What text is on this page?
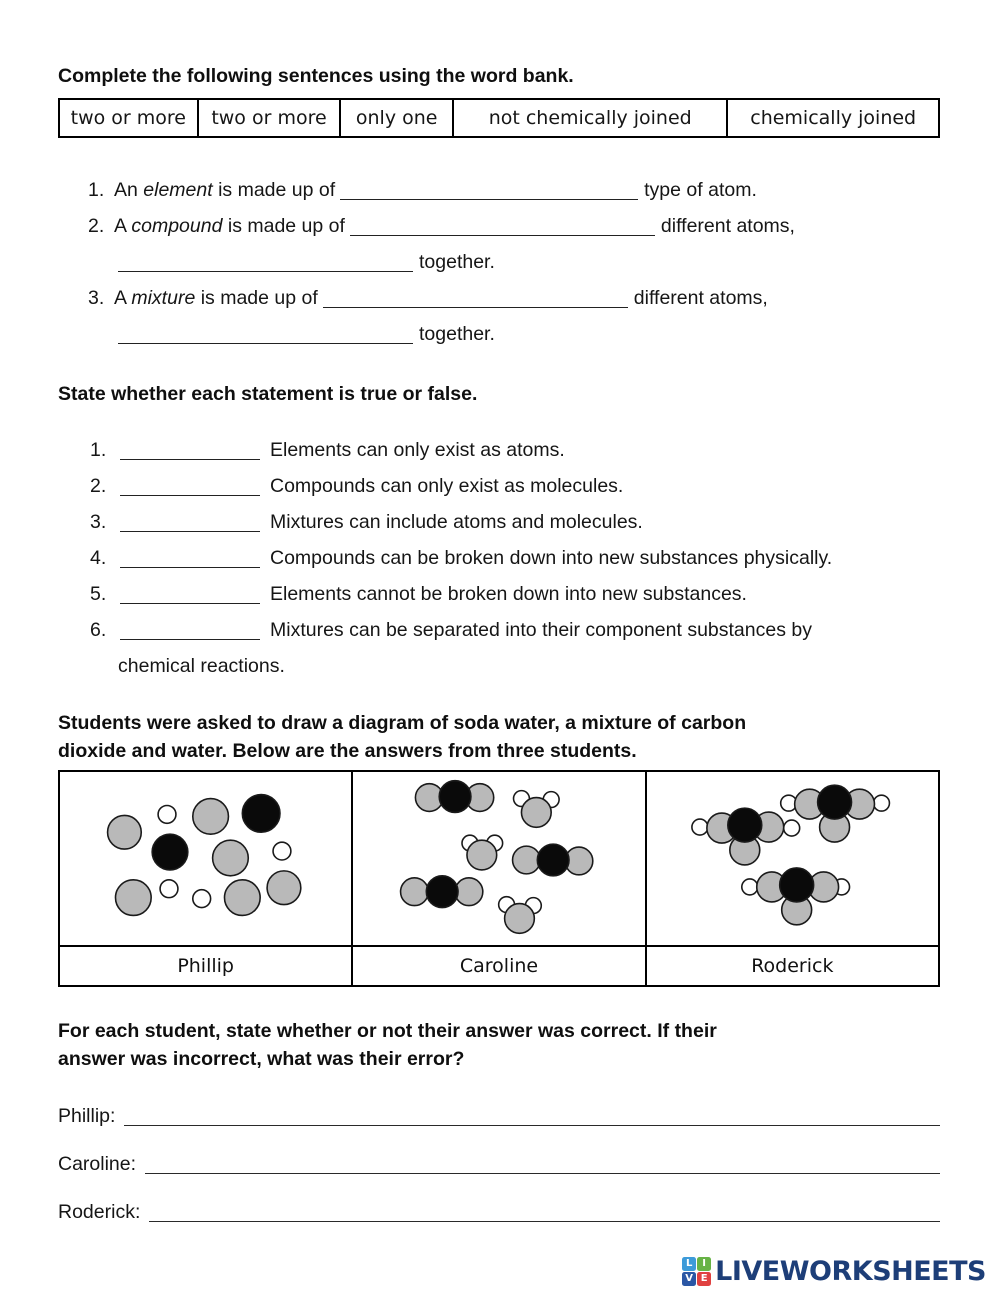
Complete the following sentences using the word bank.
two or more	two or more	only one	not chemically joined	chemically joined
1. An element is made up of	type of atom.
2. A compound is made up of	different atoms,
together.
3. A mixture is made up of	different atoms,
together.
State whether each statement is true or false.
1.	Elements can only exist as atoms.
2.	Compounds can only exist as molecules.
3.	Mixtures can include atoms and molecules.
4.	Compounds can be broken down into new substances physically.
5.	Elements cannot be broken down into new substances.
6.	Mixtures can be separated into their component substances by
chemical reactions.
Students were asked to draw a diagram of soda water, a mixture of carbon
dioxide and water. Below are the answers from three students.

Phillip	Caroline	Roderick
For each student, state whether or not their answer was correct. If their
answer was incorrect, what was their error?
Phillip:
Caroline:
Roderick:
L I
V E LIVEWORKSHEETS
